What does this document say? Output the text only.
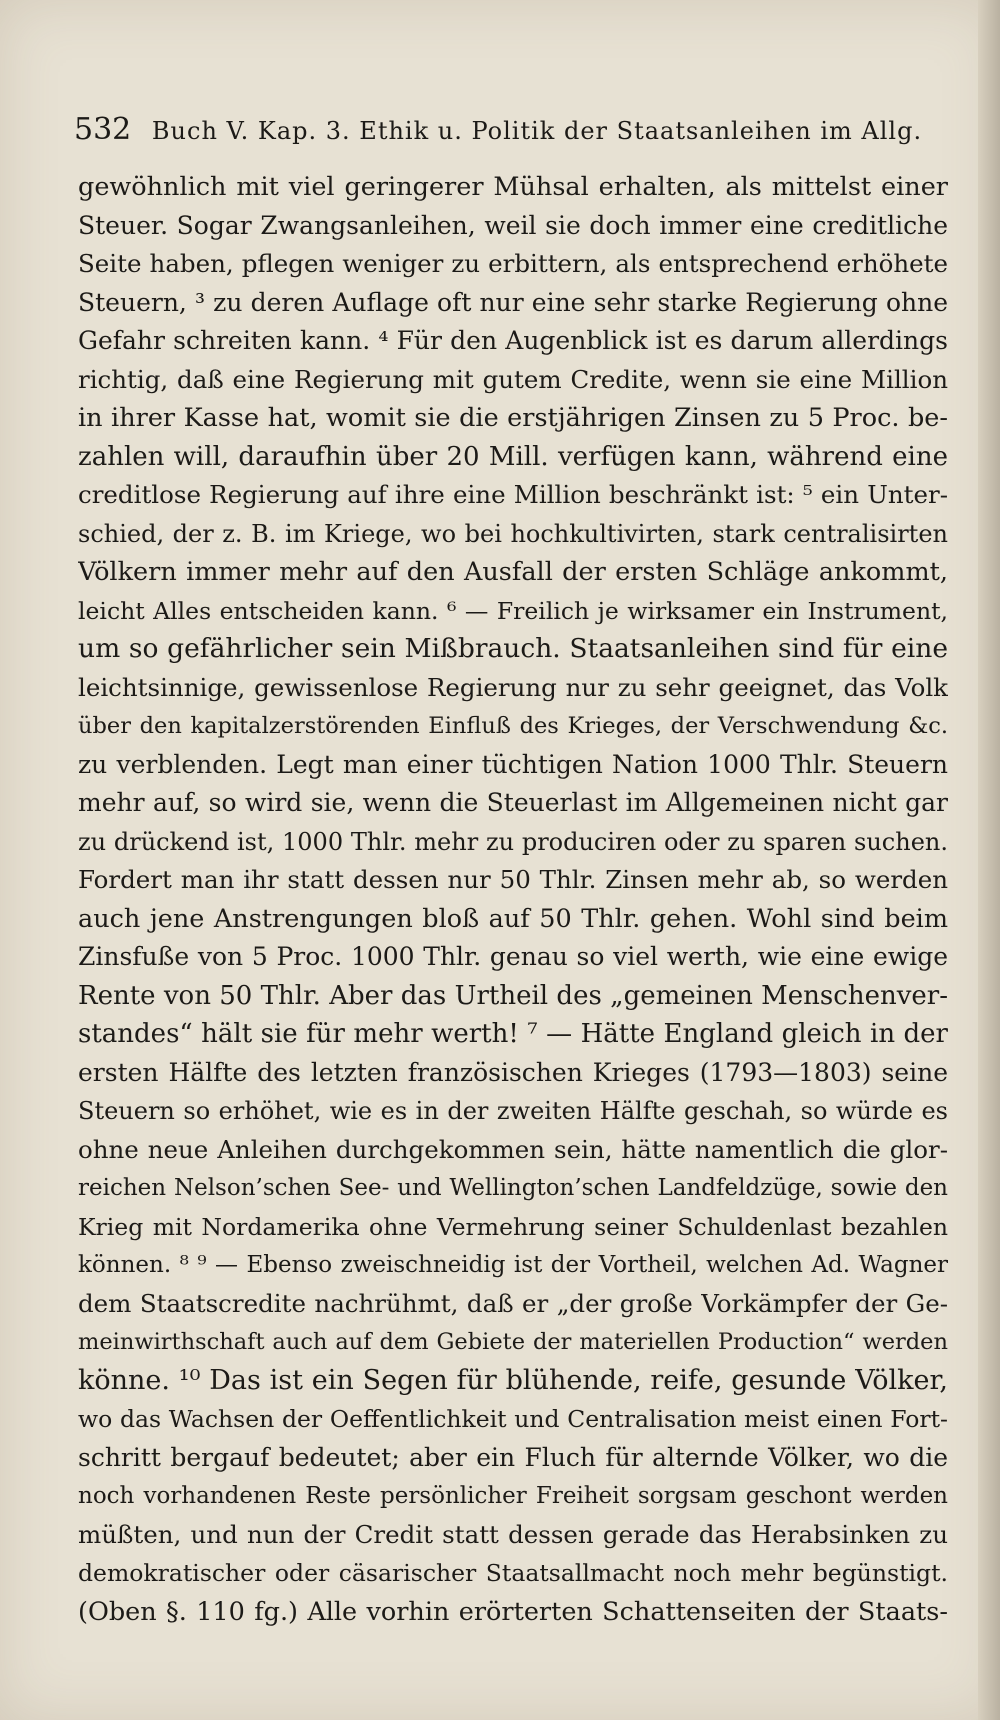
532 Buch V. Kap. 3. Ethik u. Politik der Staatsanleihen im Allg.
gewöhnlich mit viel geringerer Mühsal erhalten, als mittelst einer
Steuer. Sogar Zwangsanleihen, weil sie doch immer eine creditliche
Seite haben, pflegen weniger zu erbittern, als entsprechend erhöhete
Steuern, ³ zu deren Auflage oft nur eine sehr starke Regierung ohne
Gefahr schreiten kann. ⁴ Für den Augenblick ist es darum allerdings
richtig, daß eine Regierung mit gutem Credite, wenn sie eine Million
in ihrer Kasse hat, womit sie die erstjährigen Zinsen zu 5 Proc. be-
zahlen will, daraufhin über 20 Mill. verfügen kann, während eine
creditlose Regierung auf ihre eine Million beschränkt ist: ⁵ ein Unter-
schied, der z. B. im Kriege, wo bei hochkultivirten, stark centralisirten
Völkern immer mehr auf den Ausfall der ersten Schläge ankommt,
leicht Alles entscheiden kann. ⁶ — Freilich je wirksamer ein Instrument,
um so gefährlicher sein Mißbrauch. Staatsanleihen sind für eine
leichtsinnige, gewissenlose Regierung nur zu sehr geeignet, das Volk
über den kapitalzerstörenden Einfluß des Krieges, der Verschwendung &c.
zu verblenden. Legt man einer tüchtigen Nation 1000 Thlr. Steuern
mehr auf, so wird sie, wenn die Steuerlast im Allgemeinen nicht gar
zu drückend ist, 1000 Thlr. mehr zu produciren oder zu sparen suchen.
Fordert man ihr statt dessen nur 50 Thlr. Zinsen mehr ab, so werden
auch jene Anstrengungen bloß auf 50 Thlr. gehen. Wohl sind beim
Zinsfuße von 5 Proc. 1000 Thlr. genau so viel werth, wie eine ewige
Rente von 50 Thlr. Aber das Urtheil des „gemeinen Menschenver-
standes“ hält sie für mehr werth! ⁷ — Hätte England gleich in der
ersten Hälfte des letzten französischen Krieges (1793—1803) seine
Steuern so erhöhet, wie es in der zweiten Hälfte geschah, so würde es
ohne neue Anleihen durchgekommen sein, hätte namentlich die glor-
reichen Nelson’schen See- und Wellington’schen Landfeldzüge, sowie den
Krieg mit Nordamerika ohne Vermehrung seiner Schuldenlast bezahlen
können. ⁸ ⁹ — Ebenso zweischneidig ist der Vortheil, welchen Ad. Wagner
dem Staatscredite nachrühmt, daß er „der große Vorkämpfer der Ge-
meinwirthschaft auch auf dem Gebiete der materiellen Production“ werden
könne. ¹⁰ Das ist ein Segen für blühende, reife, gesunde Völker,
wo das Wachsen der Oeffentlichkeit und Centralisation meist einen Fort-
schritt bergauf bedeutet; aber ein Fluch für alternde Völker, wo die
noch vorhandenen Reste persönlicher Freiheit sorgsam geschont werden
müßten, und nun der Credit statt dessen gerade das Herabsinken zu
demokratischer oder cäsarischer Staatsallmacht noch mehr begünstigt.
(Oben §. 110 fg.) Alle vorhin erörterten Schattenseiten der Staats-
